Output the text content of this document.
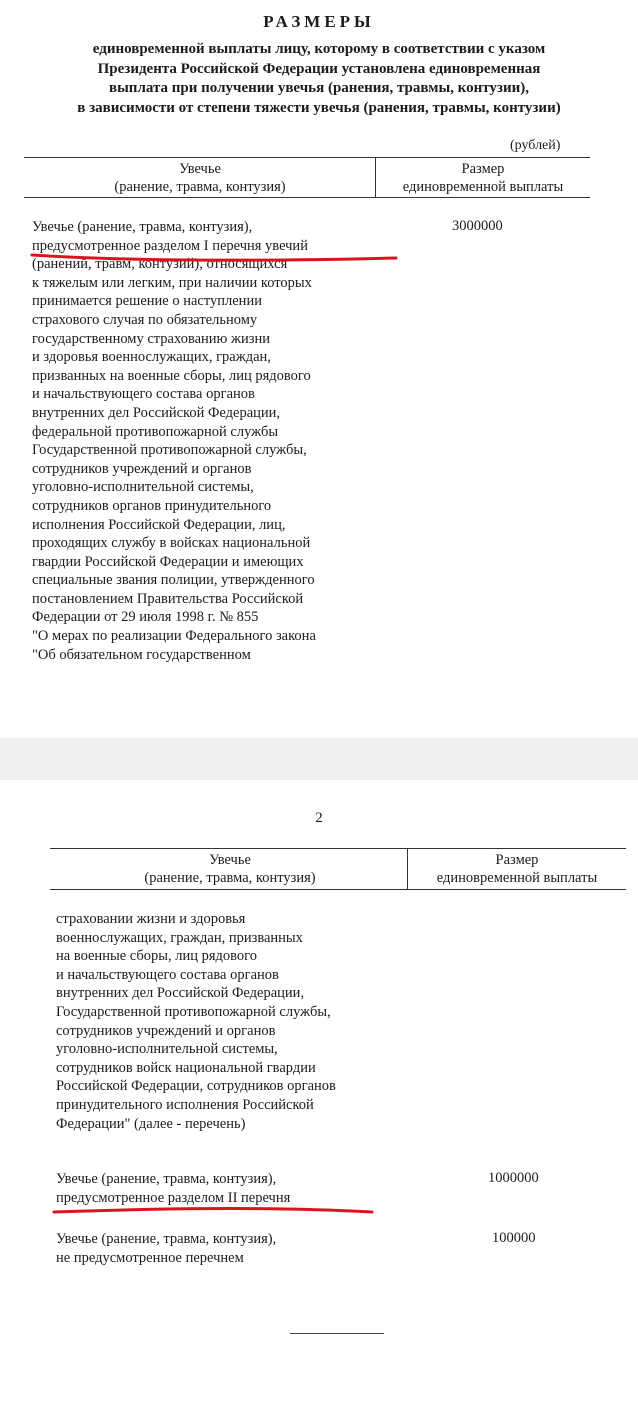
РАЗМЕРЫ
единовременной выплаты лицу, которому в соответствии с указом
Президента Российской Федерации установлена единовременная
выплата при получении увечья (ранения, травмы, контузии),
в зависимости от степени тяжести увечья (ранения, травмы, контузии)
(рублей)
Увечье
(ранение, травма, контузия)
Размер
единовременной выплаты
Увечье (ранение, травма, контузия),
предусмотренное разделом I перечня увечий
(ранений, травм, контузий), относящихся
к тяжелым или легким, при наличии которых
принимается решение о наступлении
страхового случая по обязательному
государственному страхованию жизни
и здоровья военнослужащих, граждан,
призванных на военные сборы, лиц рядового
и начальствующего состава органов
внутренних дел Российской Федерации,
федеральной противопожарной службы
Государственной противопожарной службы,
сотрудников учреждений и органов
уголовно-исполнительной системы,
сотрудников органов принудительного
исполнения Российской Федерации, лиц,
проходящих службу в войсках национальной
гвардии Российской Федерации и имеющих
специальные звания полиции, утвержденного
постановлением Правительства Российской
Федерации от 29 июля 1998 г. № 855
"О мерах по реализации Федерального закона
"Об обязательном государственном
3000000
2
Увечье
(ранение, травма, контузия)
Размер
единовременной выплаты
страховании жизни и здоровья
военнослужащих, граждан, призванных
на военные сборы, лиц рядового
и начальствующего состава органов
внутренних дел Российской Федерации,
Государственной противопожарной службы,
сотрудников учреждений и органов
уголовно-исполнительной системы,
сотрудников войск национальной гвардии
Российской Федерации, сотрудников органов
принудительного исполнения Российской
Федерации" (далее - перечень)
Увечье (ранение, травма, контузия),
предусмотренное разделом II перечня
1000000
Увечье (ранение, травма, контузия),
не предусмотренное перечнем
100000
